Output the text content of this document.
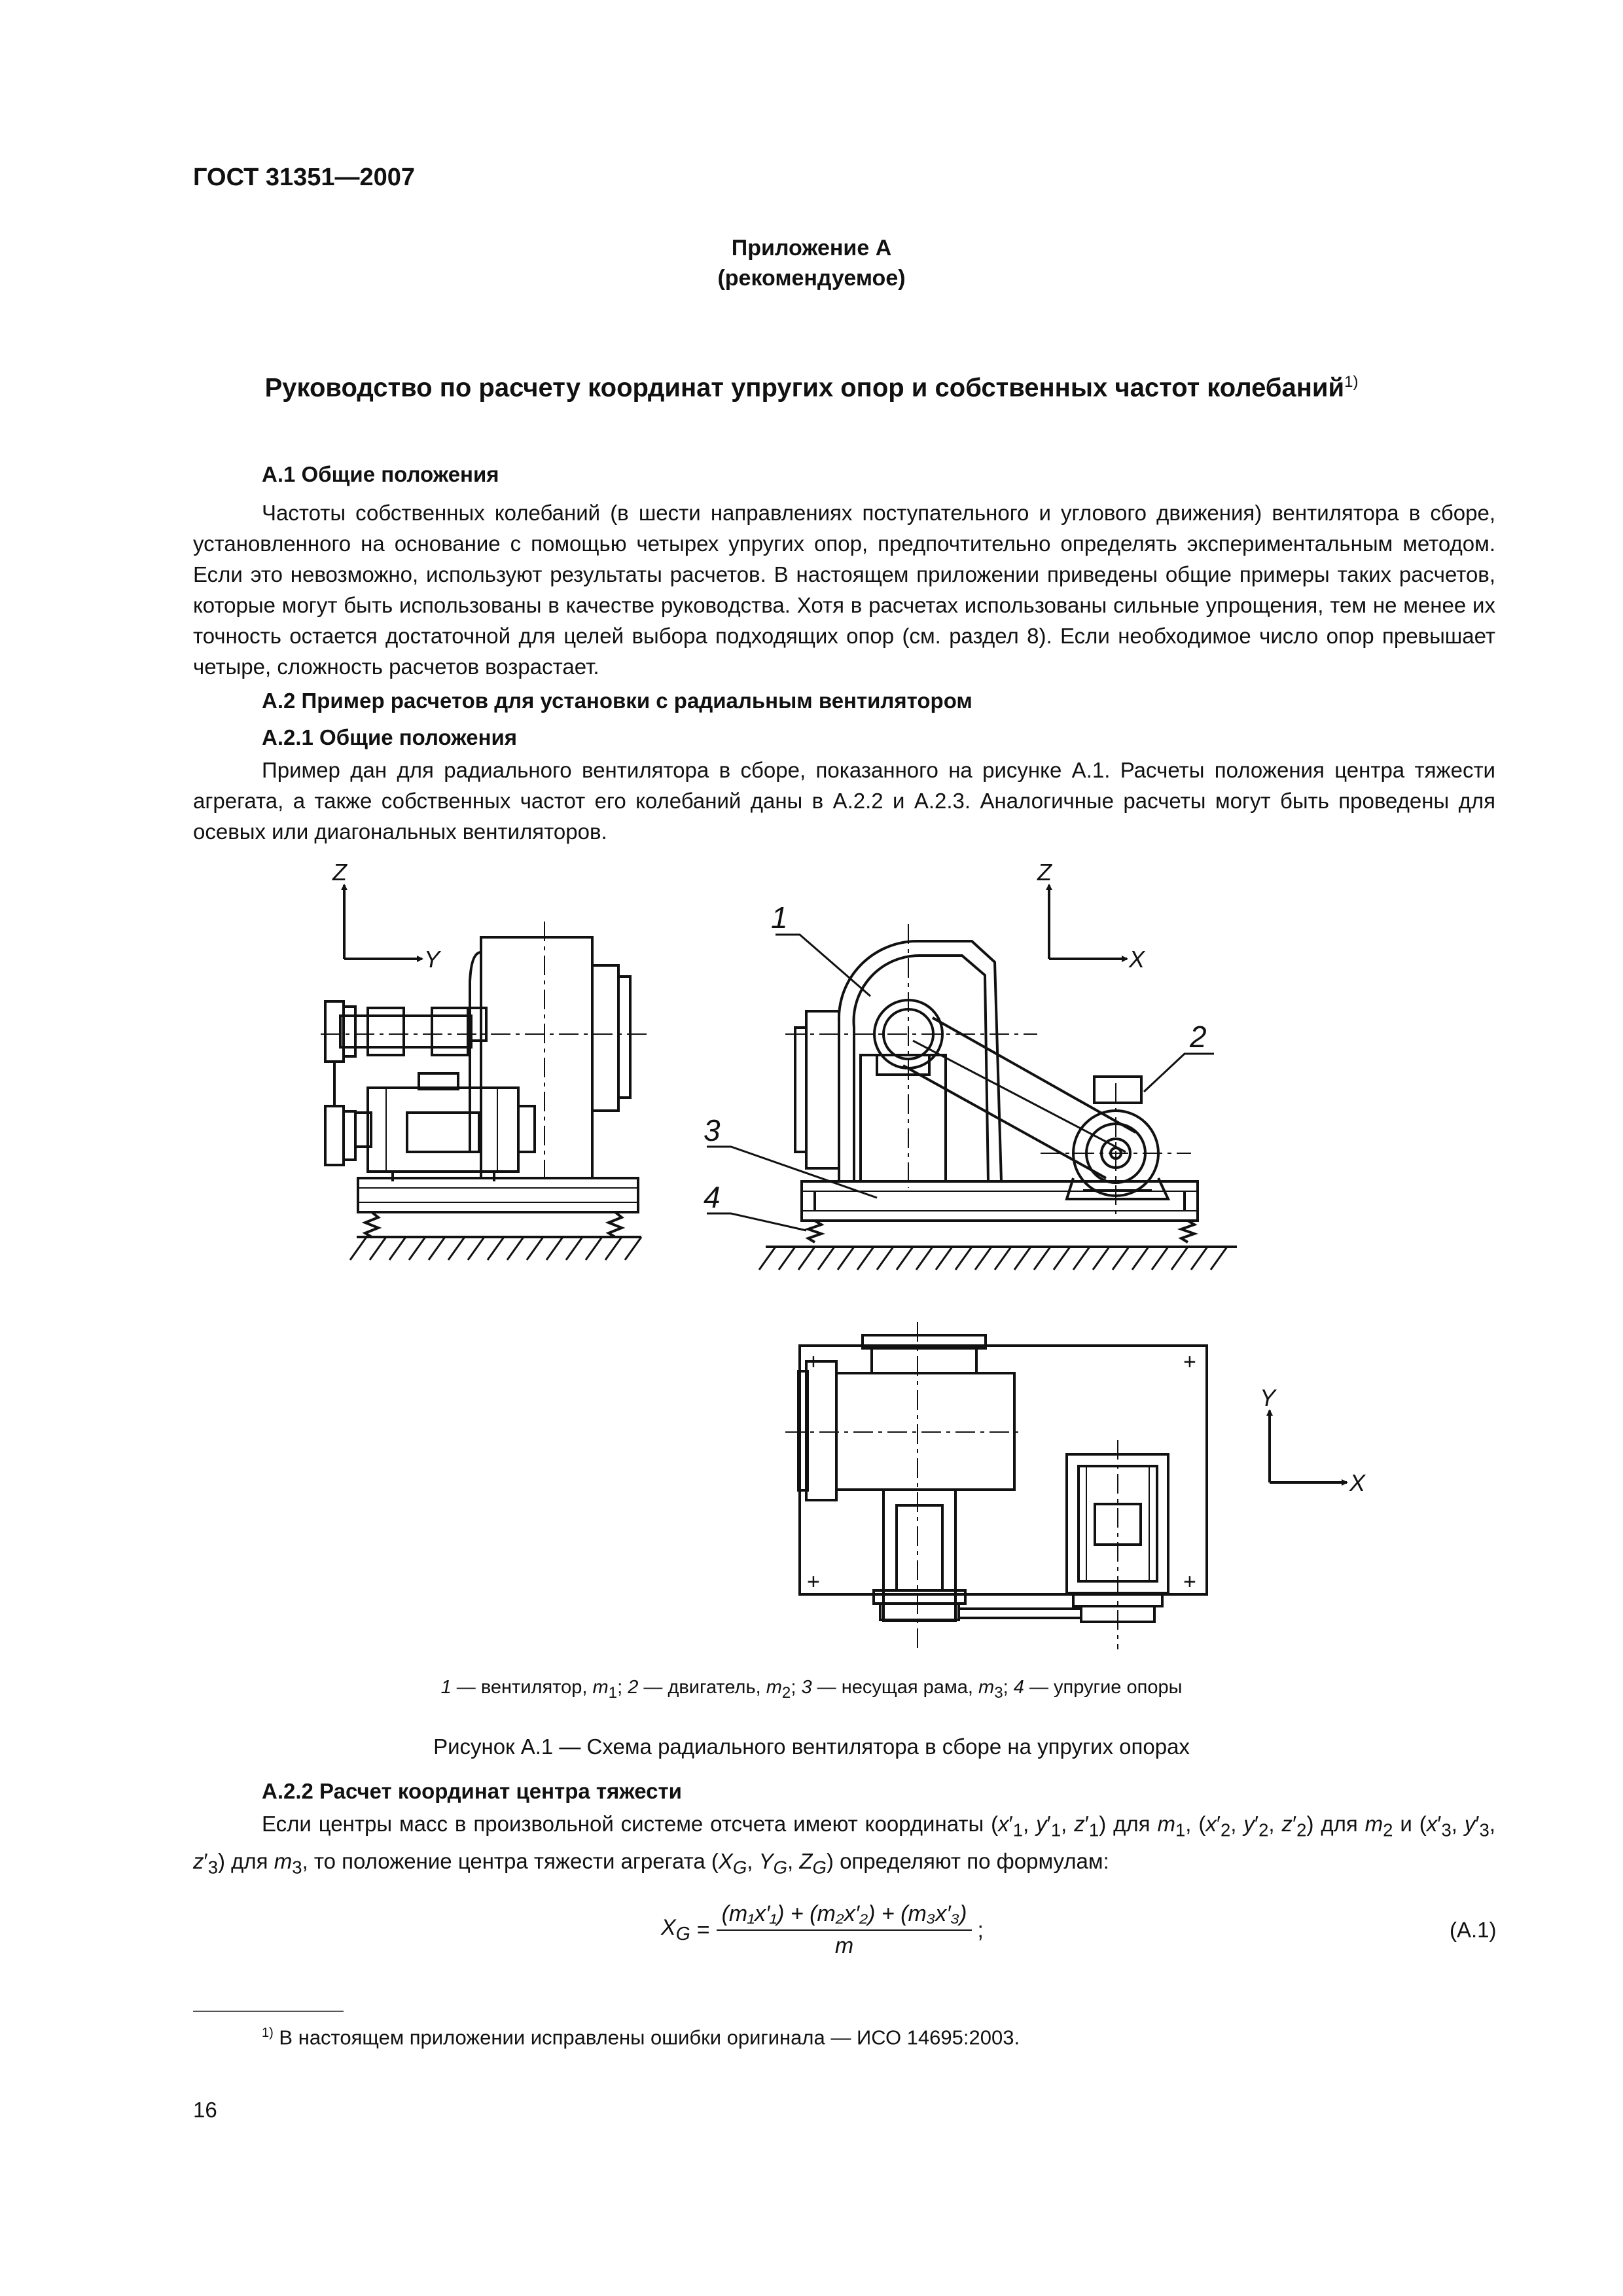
ГОСТ 31351—2007
Приложение А
(рекомендуемое)
Руководство по расчету координат упругих опор и собственных частот колебаний$^{1)}$
А.1 Общие положения
Частоты собственных колебаний (в шести направлениях поступательного и углового движения) вентилятора в сборе, установленного на основание с помощью четырех упругих опор, предпочтительно определять экспериментальным методом. Если это невозможно, используют результаты расчетов. В настоящем приложении приведены общие примеры таких расчетов, которые могут быть использованы в качестве руководства. Хотя в расчетах использованы сильные упрощения, тем не менее их точность остается достаточной для целей выбора подходящих опор (см. раздел 8). Если необходимое число опор превышает четыре, сложность расчетов возрастает.
А.2 Пример расчетов для установки с радиальным вентилятором
А.2.1 Общие положения
Пример дан для радиального вентилятора в сборе, показанного на рисунке А.1. Расчеты положения центра тяжести агрегата, а также собственных частот его колебаний даны в А.2.2 и А.2.3. Аналогичные расчеты могут быть проведены для осевых или диагональных вентиляторов.
Z
Y
Z
X
1
2
3
4
+	+
+	+
Y
X
1 — вентилятор, $m_1$; 2 — двигатель, $m_2$; 3 — несущая рама, $m_3$; 4 — упругие опоры
Рисунок А.1 — Схема радиального вентилятора в сборе на упругих опорах
А.2.2 Расчет координат центра тяжести
Если центры масс в произвольной системе отсчета имеют координаты ($x'_1$, $y'_1$, $z'_1$) для $m_1$, ($x'_2$, $y'_2$, $z'_2$) для $m_2$ и ($x'_3$, $y'_3$, $z'_3$) для $m_3$, то положение центра тяжести агрегата ($X_G$, $Y_G$, $Z_G$) определяют по формулам:
$X_G = \frac{\text{(m₁x′₁) + (m₂x′₂) + (m₃x′₃)}}{m}$ ;	(А.1)
$^{1)}$ В настоящем приложении исправлены ошибки оригинала — ИСО 14695:2003.
16
